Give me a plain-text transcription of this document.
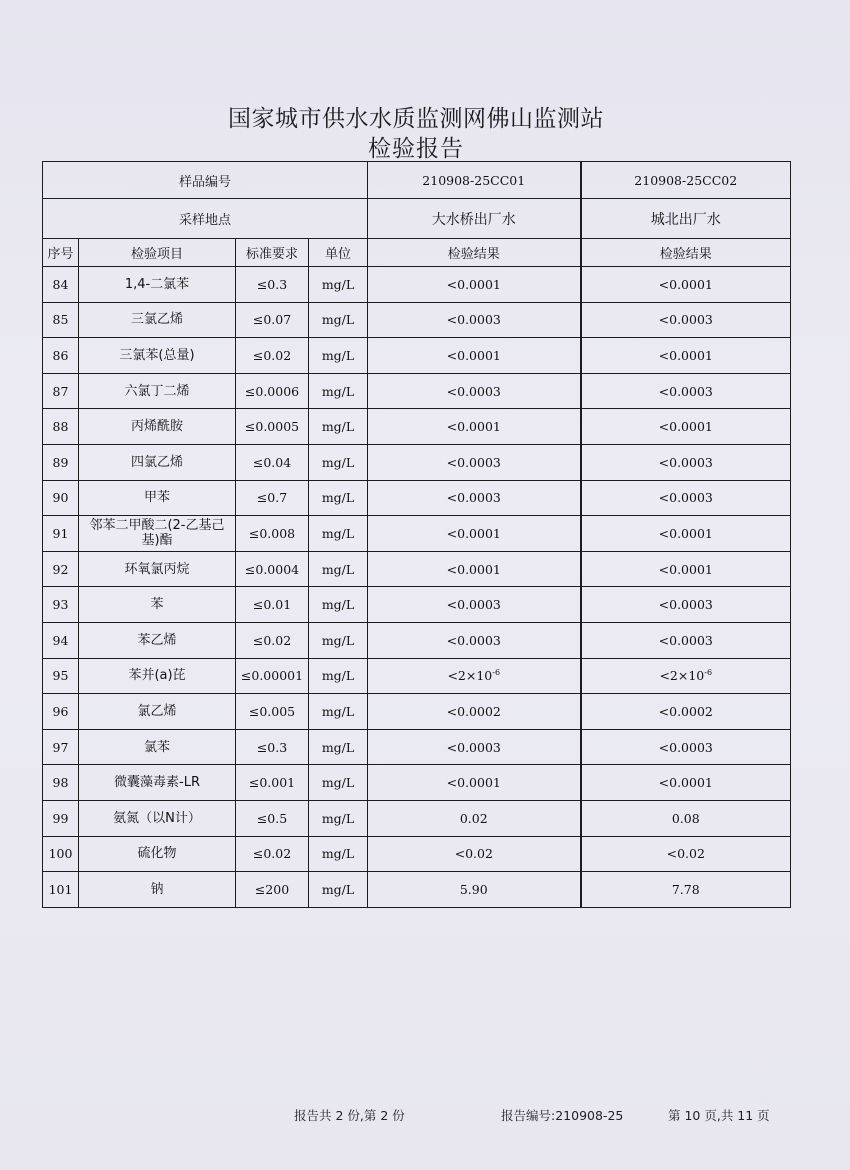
国家城市供水水质监测网佛山监测站
检验报告
样品编号				210908-25CC01	210908-25CC02
采样地点				大水桥出厂水	城北出厂水
序号	检验项目	标准要求	单位	检验结果	检验结果
84	1,4-二氯苯	≤0.3	mg/L	<0.0001	<0.0001
85	三氯乙烯	≤0.07	mg/L	<0.0003	<0.0003
86	三氯苯(总量)	≤0.02	mg/L	<0.0001	<0.0001
87	六氯丁二烯	≤0.0006	mg/L	<0.0003	<0.0003
88	丙烯酰胺	≤0.0005	mg/L	<0.0001	<0.0001
89	四氯乙烯	≤0.04	mg/L	<0.0003	<0.0003
90	甲苯	≤0.7	mg/L	<0.0003	<0.0003
91	邻苯二甲酸二(2-乙基己基)酯	≤0.008	mg/L	<0.0001	<0.0001
92	环氧氯丙烷	≤0.0004	mg/L	<0.0001	<0.0001
93	苯	≤0.01	mg/L	<0.0003	<0.0003
94	苯乙烯	≤0.02	mg/L	<0.0003	<0.0003
95	苯并(a)芘	≤0.00001	mg/L	$<2\times 10^{-6}$	$<2\times 10^{-6}$
96	氯乙烯	≤0.005	mg/L	<0.0002	<0.0002
97	氯苯	≤0.3	mg/L	<0.0003	<0.0003
98	微囊藻毒素-LR	≤0.001	mg/L	<0.0001	<0.0001
99	氨氮（以N计）	≤0.5	mg/L	0.02	0.08
100	硫化物	≤0.02	mg/L	<0.02	<0.02
101	钠	≤200	mg/L	5.90	7.78
报告共 2 份,第 2 份	报告编号:210908-25	第 10 页,共 11 页
